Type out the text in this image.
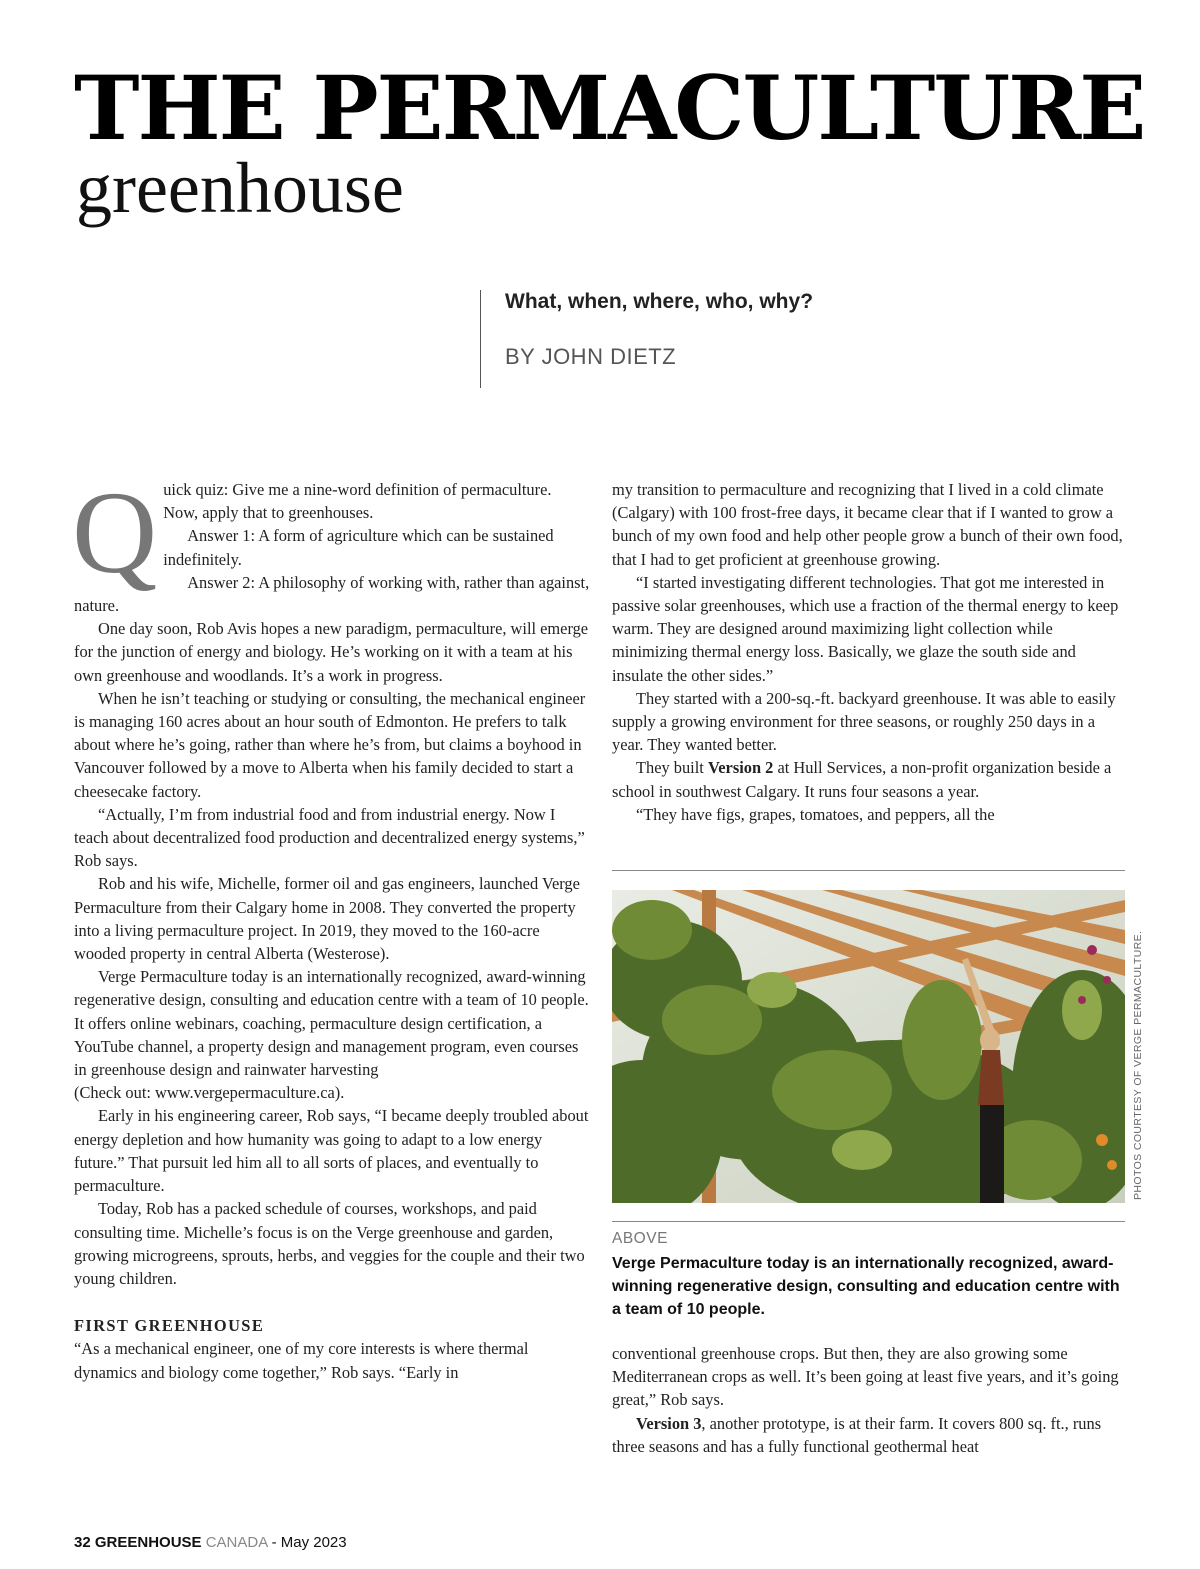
THE PERMACULTURE
greenhouse
What, when, where, who, why?
BY JOHN DIETZ
Q uick quiz: Give me a nine-word definition of permaculture. Now, apply that to greenhouses.

Answer 1: A form of agriculture which can be sustained indefinitely.

Answer 2: A philosophy of working with, rather than against, nature.

One day soon, Rob Avis hopes a new paradigm, permaculture, will emerge for the junction of energy and biology. He’s working on it with a team at his own greenhouse and woodlands. It’s a work in progress.

When he isn’t teaching or studying or consulting, the mechanical engineer is managing 160 acres about an hour south of Edmonton. He prefers to talk about where he’s going, rather than where he’s from, but claims a boyhood in Vancouver followed by a move to Alberta when his family decided to start a cheesecake factory.

“Actually, I’m from industrial food and from industrial energy. Now I teach about decentralized food production and decentralized energy systems,” Rob says.

Rob and his wife, Michelle, former oil and gas engineers, launched Verge Permaculture from their Calgary home in 2008. They converted the property into a living permaculture project. In 2019, they moved to the 160-acre wooded property in central Alberta (Westerose).

Verge Permaculture today is an internationally recognized, award-winning regenerative design, consulting and education centre with a team of 10 people. It offers online webinars, coaching, permaculture design certification, a YouTube channel, a property design and management program, even courses in greenhouse design and rainwater harvesting

(Check out: www.vergepermaculture.ca).

Early in his engineering career, Rob says, “I became deeply troubled about energy depletion and how humanity was going to adapt to a low energy future.” That pursuit led him all to all sorts of places, and eventually to permaculture.

Today, Rob has a packed schedule of courses, workshops, and paid consulting time. Michelle’s focus is on the Verge greenhouse and garden, growing microgreens, sprouts, herbs, and veggies for the couple and their two young children.

FIRST GREENHOUSE

“As a mechanical engineer, one of my core interests is where thermal dynamics and biology come together,” Rob says. “Early in

my transition to permaculture and recognizing that I lived in a cold climate (Calgary) with 100 frost-free days, it became clear that if I wanted to grow a bunch of my own food and help other people grow a bunch of their own food, that I had to get proficient at greenhouse growing.

“I started investigating different technologies. That got me interested in passive solar greenhouses, which use a fraction of the thermal energy to keep warm. They are designed around maximizing light collection while minimizing thermal energy loss. Basically, we glaze the south side and insulate the other sides.”

They started with a 200-sq.-ft. backyard greenhouse. It was able to easily supply a growing environment for three seasons, or roughly 250 days in a year. They wanted better.

They built Version 2 at Hull Services, a non-profit organization beside a school in southwest Calgary. It runs four seasons a year.

“They have figs, grapes, tomatoes, and peppers, all the

PHOTOS COURTESY OF VERGE PERMACULTURE.
ABOVE
Verge Permaculture today is an internationally recognized, award-winning regenerative design, consulting and education centre with a team of 10 people.

conventional greenhouse crops. But then, they are also growing some Mediterranean crops as well. It’s been going at least five years, and it’s going great,” Rob says.

Version 3, another prototype, is at their farm. It covers 800 sq. ft., runs three seasons and has a fully functional geothermal heat

32 GREENHOUSE CANADA - May 2023
